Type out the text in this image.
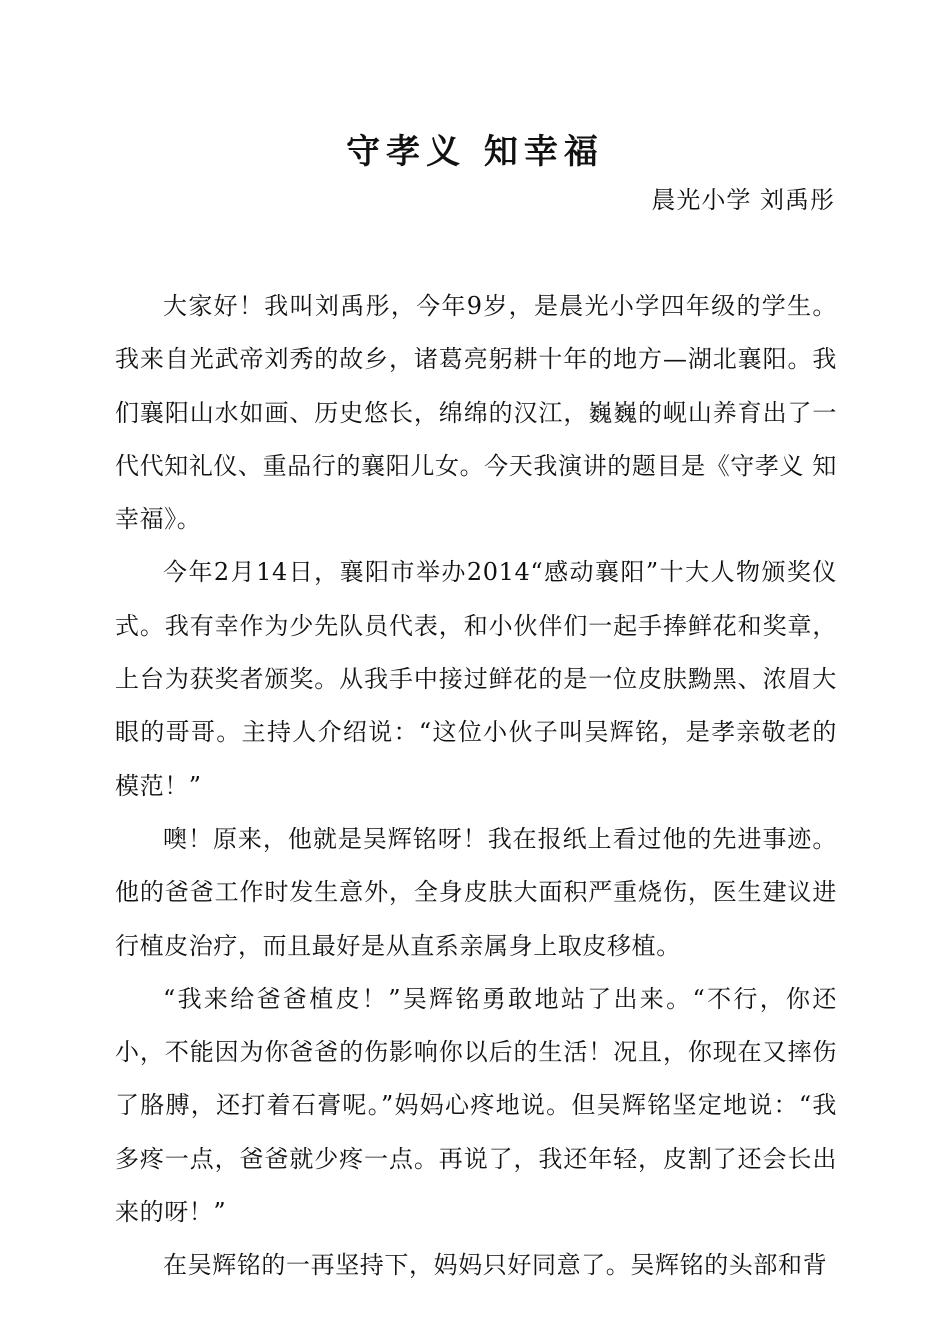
守孝义 知幸福

晨光小学 刘禹彤

大家好！我叫刘禹彤，今年9岁，是晨光小学四年级的学生。我来自光武帝刘秀的故乡，诸葛亮躬耕十年的地方—湖北襄阳。我们襄阳山水如画、历史悠长，绵绵的汉江，巍巍的岘山养育出了一代代知礼仪、重品行的襄阳儿女。今天我演讲的题目是《守孝义 知幸福》。

今年2月14日，襄阳市举办2014“感动襄阳”十大人物颁奖仪式。我有幸作为少先队员代表，和小伙伴们一起手捧鲜花和奖章，上台为获奖者颁奖。从我手中接过鲜花的是一位皮肤黝黑、浓眉大眼的哥哥。主持人介绍说：“这位小伙子叫吴辉铭，是孝亲敬老的模范！”

噢！原来，他就是吴辉铭呀！我在报纸上看过他的先进事迹。他的爸爸工作时发生意外，全身皮肤大面积严重烧伤，医生建议进行植皮治疗，而且最好是从直系亲属身上取皮移植。

“我来给爸爸植皮！”吴辉铭勇敢地站了出来。“不行，你还小，不能因为你爸爸的伤影响你以后的生活！况且，你现在又摔伤了胳膊，还打着石膏呢。”妈妈心疼地说。但吴辉铭坚定地说：“我多疼一点，爸爸就少疼一点。再说了，我还年轻，皮割了还会长出来的呀！”

在吴辉铭的一再坚持下，妈妈只好同意了。吴辉铭的头部和背
